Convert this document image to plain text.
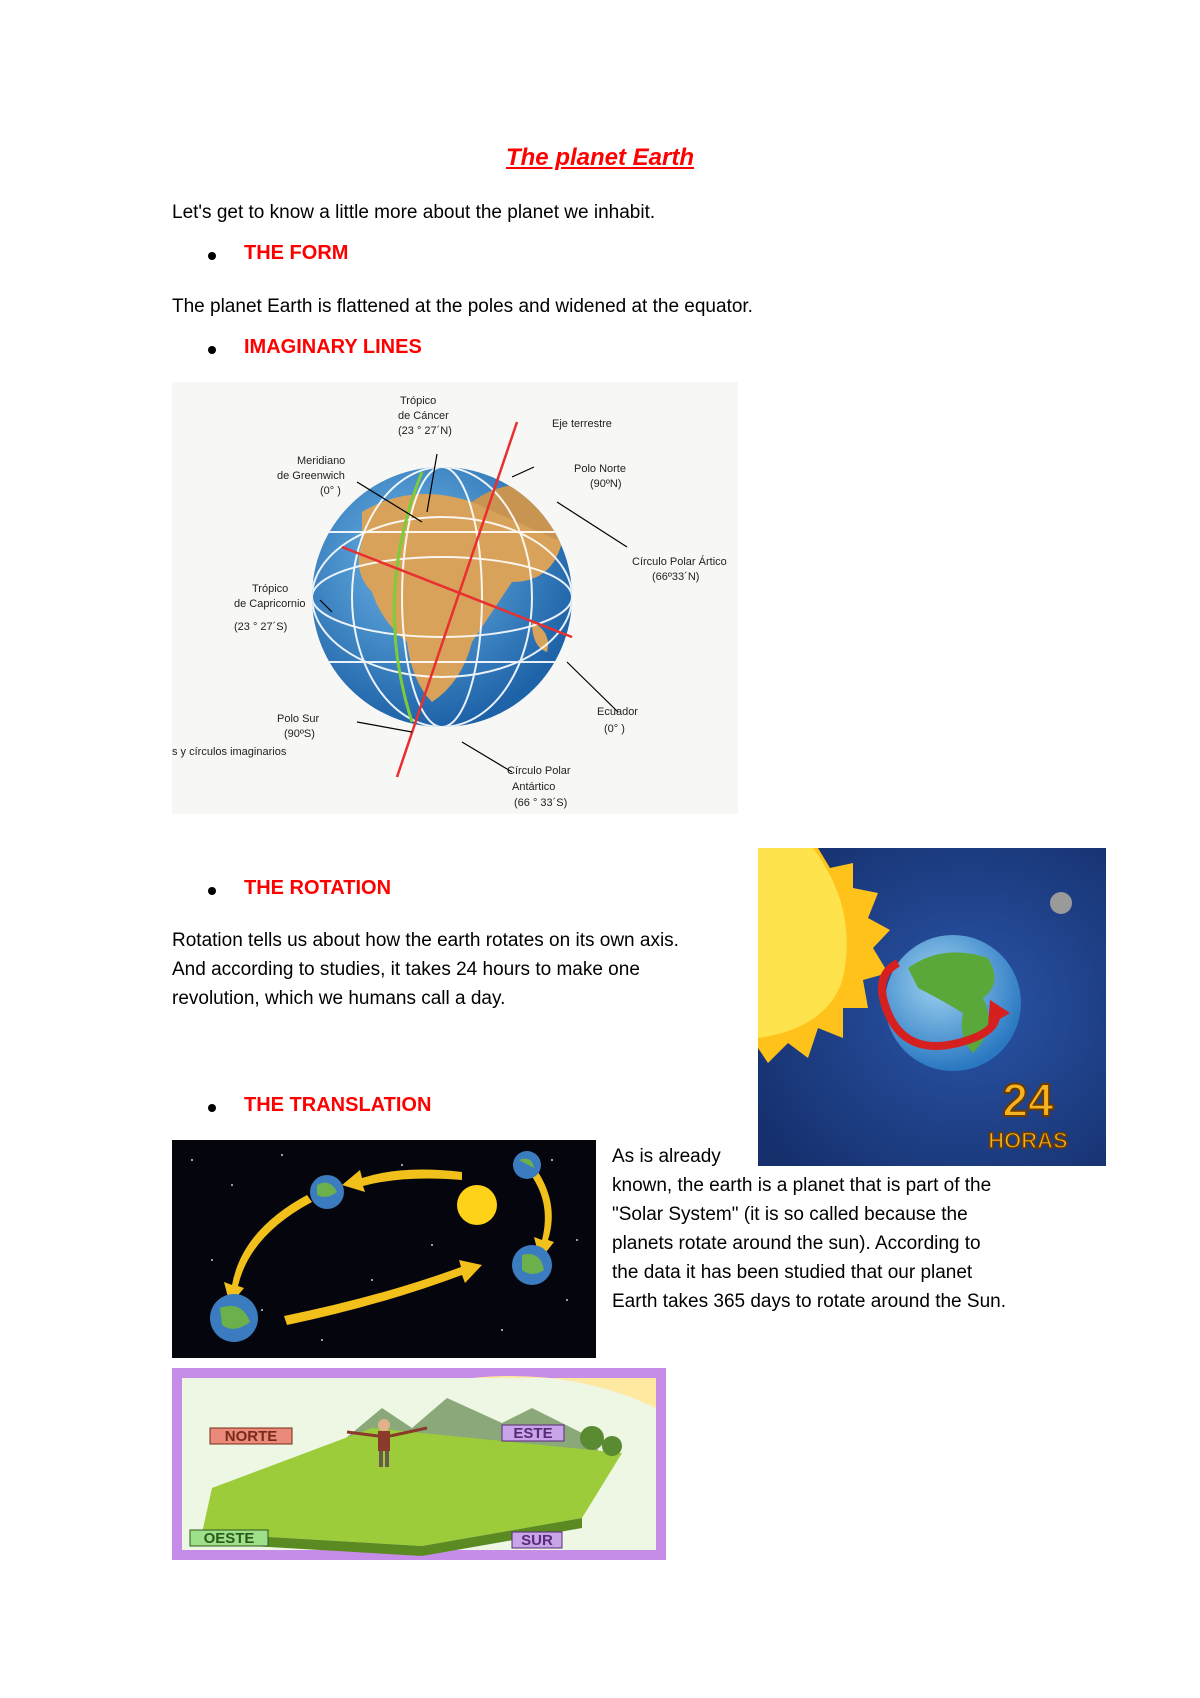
The planet Earth
Let's get to know a little more about the planet we inhabit.
THE FORM
The planet Earth is flattened at the poles and widened at the equator.
IMAGINARY LINES
Trópico
de Cáncer
(23 ° 27´N)
Eje terrestre
Meridiano
de Greenwich
(0° )
Polo Norte
(90ºN)
Círculo Polar Ártico
(66º33´N)
Trópico
de Capricornio
(23 ° 27´S)
Ecuador
(0° )
Polo Sur
(90ºS)
Círculo Polar
Antártico
(66 ° 33´S)
s y círculos imaginarios
THE ROTATION
Rotation tells us about how the earth rotates on its own axis.
And according to studies, it takes 24 hours to make one
revolution, which we humans call a day.
24
HORAS
THE TRANSLATION
As is already
known, the earth is a planet that is part of the
"Solar System" (it is so called because the
planets rotate around the sun). According to
the data it has been studied that our planet
Earth takes 365 days to rotate around the Sun.
NORTE	ESTE
OESTE	SUR
